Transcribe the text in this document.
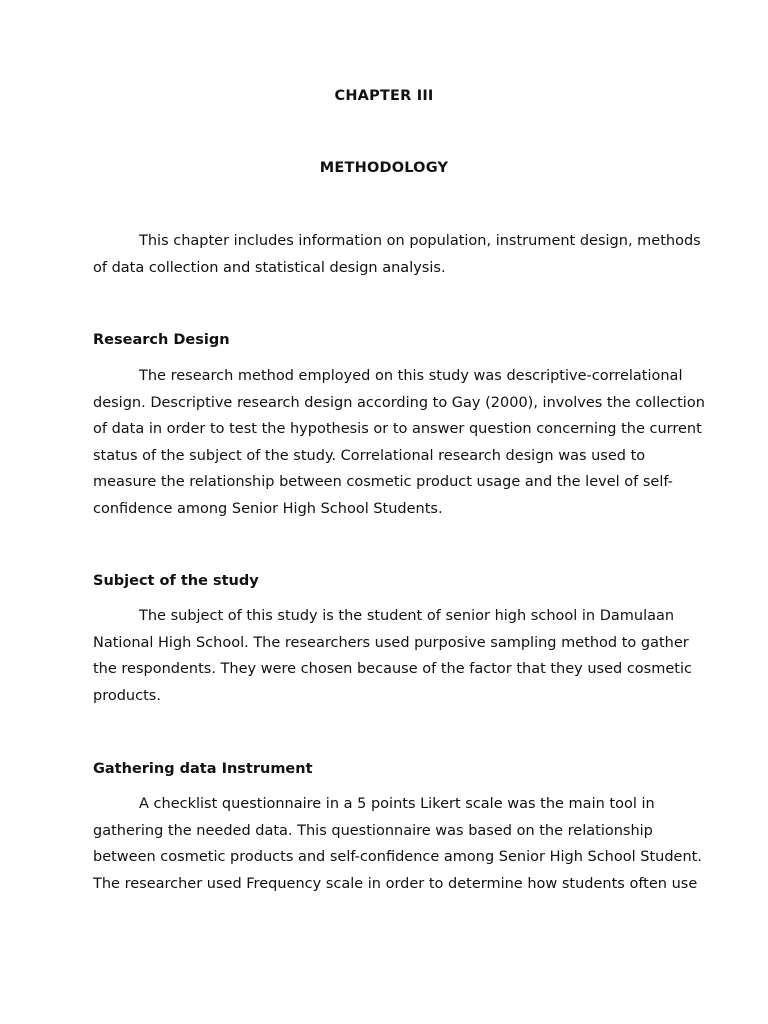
CHAPTER III
METHODOLOGY
This chapter includes information on population, instrument design, methods
of data collection and statistical design analysis.
Research Design
The research method employed on this study was descriptive-correlational
design. Descriptive research design according to Gay (2000), involves the collection
of data in order to test the hypothesis or to answer question concerning the current
status of the subject of the study. Correlational research design was used to
measure the relationship between cosmetic product usage and the level of self-
confidence among Senior High School Students.
Subject of the study
The subject of this study is the student of senior high school in Damulaan
National High School. The researchers used purposive sampling method to gather
the respondents. They were chosen because of the factor that they used cosmetic
products.
Gathering data Instrument
A checklist questionnaire in a 5 points Likert scale was the main tool in
gathering the needed data. This questionnaire was based on the relationship
between cosmetic products and self-confidence among Senior High School Student.
The researcher used Frequency scale in order to determine how students often use
